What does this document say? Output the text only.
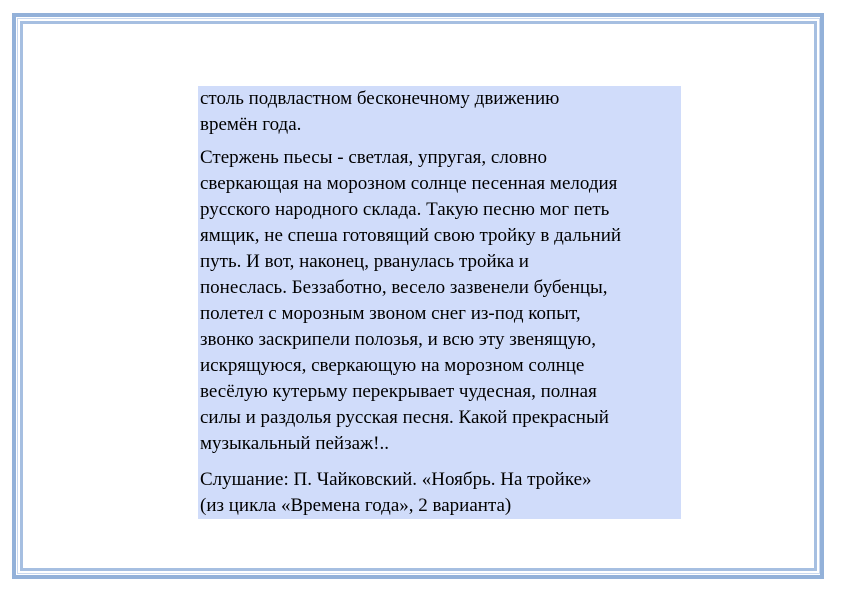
столь подвластном бесконечному движению
времён года.

Стержень пьесы - светлая, упругая, словно
сверкающая на морозном солнце песенная мелодия
русского народного склада. Такую песню мог петь
ямщик, не спеша готовящий свою тройку в дальний
путь. И вот, наконец, рванулась тройка и
понеслась. Беззаботно, весело зазвенели бубенцы,
полетел с морозным звоном снег из-под копыт,
звонко заскрипели полозья, и всю эту звенящую,
искрящуюся, сверкающую на морозном солнце
весёлую кутерьму перекрывает чудесная, полная
силы и раздолья русская песня. Какой прекрасный
музыкальный пейзаж!..

Слушание: П. Чайковский. «Ноябрь. На тройке»
(из цикла «Времена года», 2 варианта)
